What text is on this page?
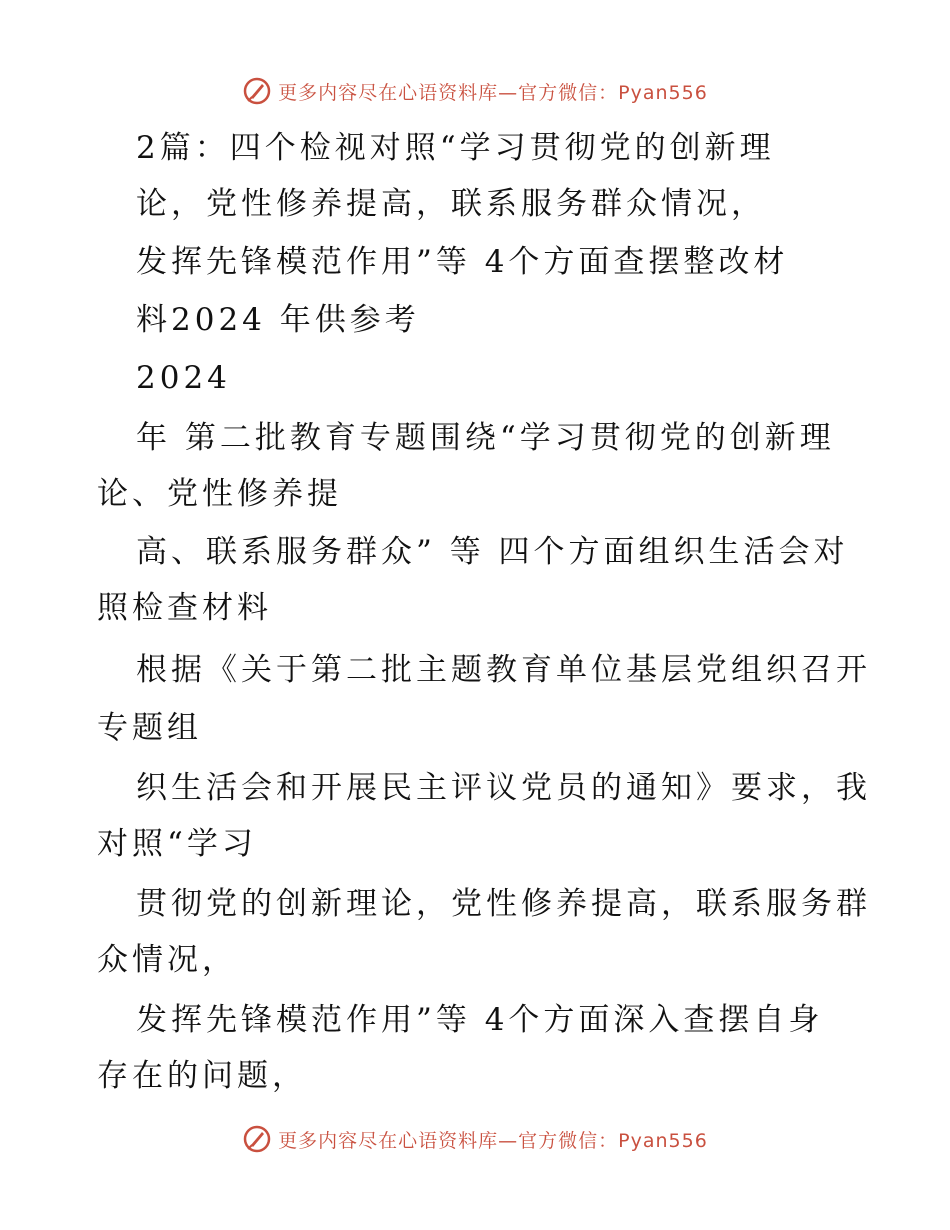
更多内容尽在心语资料库—官方微信：Pyan556
2篇：四个检视对照“学习贯彻党的创新理
论，党性修养提高，联系服务群众情况，
发挥先锋模范作用”等 4个方面查摆整改材
料2024 年供参考
2024
年 第二批教育专题围绕“学习贯彻党的创新理
论、党性修养提
高、联系服务群众” 等 四个方面组织生活会对
照检查材料
根据《关于第二批主题教育单位基层党组织召开
专题组
织生活会和开展民主评议党员的通知》要求，我
对照“学习
贯彻党的创新理论，党性修养提高，联系服务群
众情况，
发挥先锋模范作用”等 4个方面深入查摆自身
存在的问题，
更多内容尽在心语资料库—官方微信：Pyan556
